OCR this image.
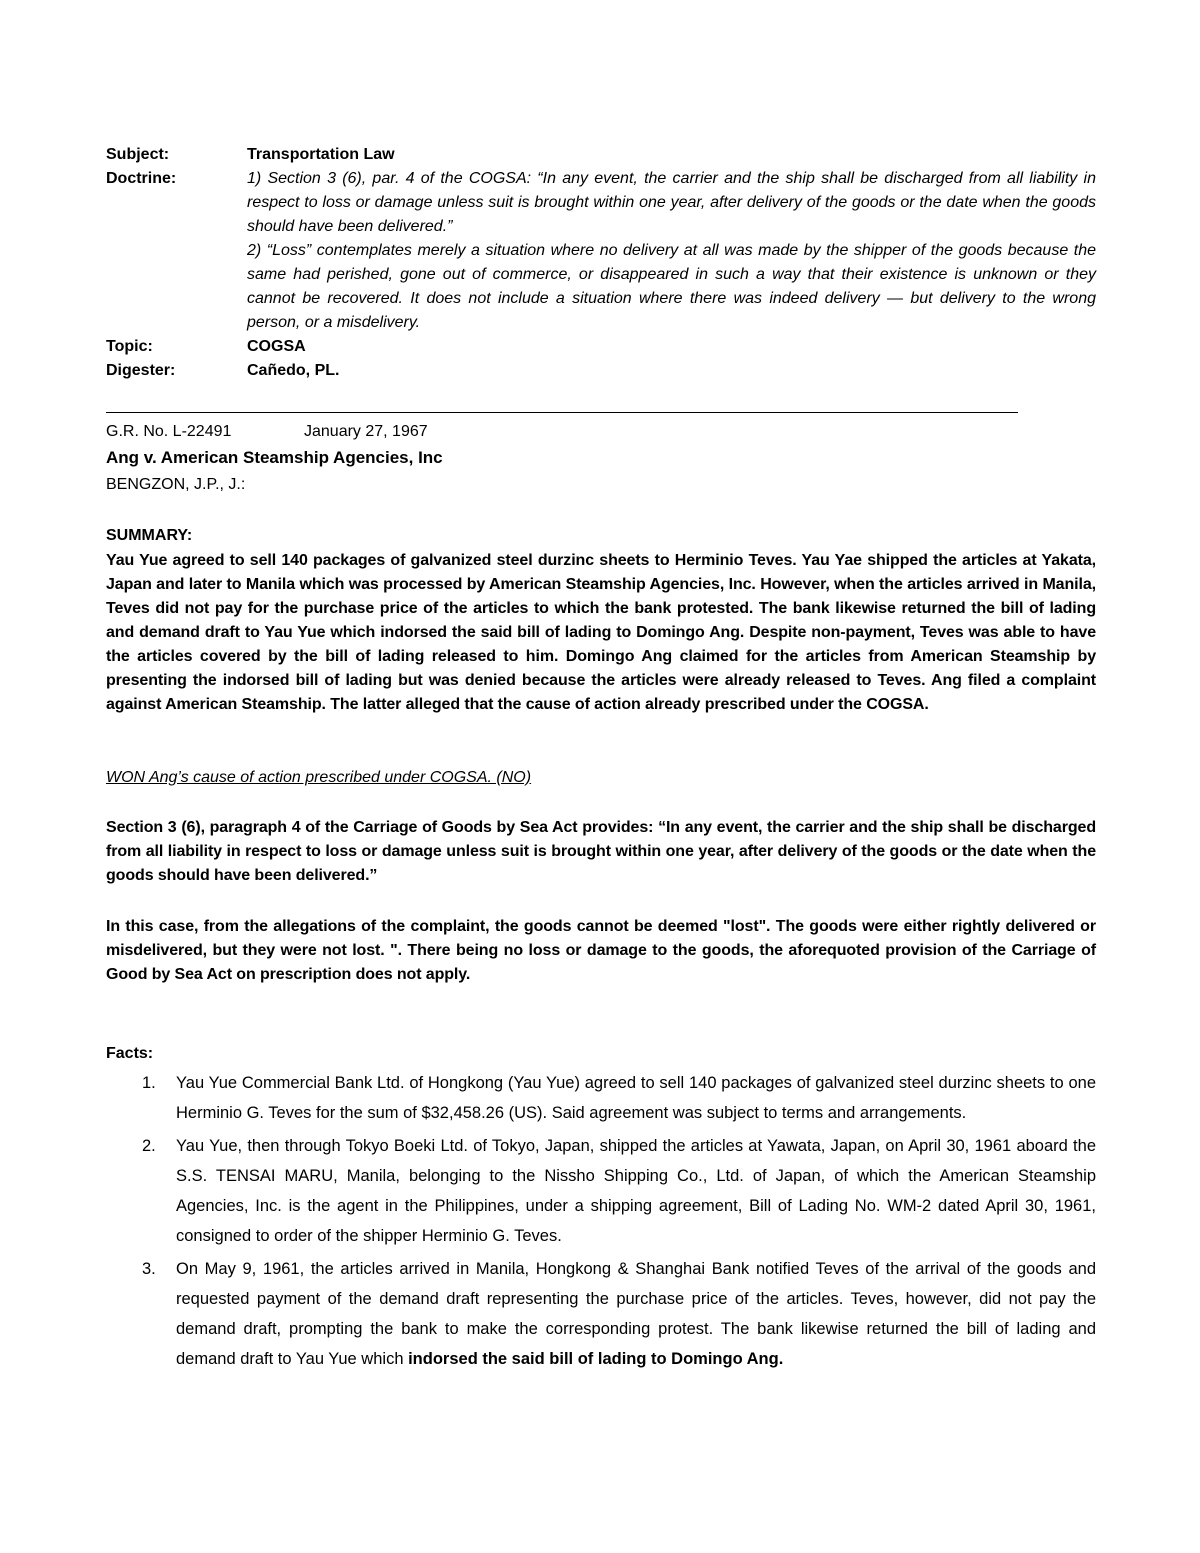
Subject:	Transportation Law
Doctrine:	1) Section 3 (6), par. 4 of the COGSA: “In any event, the carrier and the ship shall be discharged from all liability in respect to loss or damage unless suit is brought within one year, after delivery of the goods or the date when the goods should have been delivered.”
2) “Loss” contemplates merely a situation where no delivery at all was made by the shipper of the goods because the same had perished, gone out of commerce, or disappeared in such a way that their existence is unknown or they cannot be recovered. It does not include a situation where there was indeed delivery — but delivery to the wrong person, or a misdelivery.
Topic:	COGSA
Digester:	Cañedo, PL.
G.R. No. L-22491	January 27, 1967
Ang v. American Steamship Agencies, Inc
BENGZON, J.P., J.:
SUMMARY:
Yau Yue agreed to sell 140 packages of galvanized steel durzinc sheets to Herminio Teves. Yau Yae shipped the articles at Yakata, Japan and later to Manila which was processed by American Steamship Agencies, Inc. However, when the articles arrived in Manila, Teves did not pay for the purchase price of the articles to which the bank protested. The bank likewise returned the bill of lading and demand draft to Yau Yue which indorsed the said bill of lading to Domingo Ang. Despite non-payment, Teves was able to have the articles covered by the bill of lading released to him. Domingo Ang claimed for the articles from American Steamship by presenting the indorsed bill of lading but was denied because the articles were already released to Teves. Ang filed a complaint against American Steamship. The latter alleged that the cause of action already prescribed under the COGSA.
WON Ang’s cause of action prescribed under COGSA. (NO)
Section 3 (6), paragraph 4 of the Carriage of Goods by Sea Act provides: “In any event, the carrier and the ship shall be discharged from all liability in respect to loss or damage unless suit is brought within one year, after delivery of the goods or the date when the goods should have been delivered.”
In this case, from the allegations of the complaint, the goods cannot be deemed "lost". The goods were either rightly delivered or misdelivered, but they were not lost. ". There being no loss or damage to the goods, the aforequoted provision of the Carriage of Good by Sea Act on prescription does not apply.
Facts:
1. Yau Yue Commercial Bank Ltd. of Hongkong (Yau Yue) agreed to sell 140 packages of galvanized steel durzinc sheets to one Herminio G. Teves for the sum of $32,458.26 (US). Said agreement was subject to terms and arrangements.
2. Yau Yue, then through Tokyo Boeki Ltd. of Tokyo, Japan, shipped the articles at Yawata, Japan, on April 30, 1961 aboard the S.S. TENSAI MARU, Manila, belonging to the Nissho Shipping Co., Ltd. of Japan, of which the American Steamship Agencies, Inc. is the agent in the Philippines, under a shipping agreement, Bill of Lading No. WM-2 dated April 30, 1961, consigned to order of the shipper Herminio G. Teves.
3. On May 9, 1961, the articles arrived in Manila, Hongkong & Shanghai Bank notified Teves of the arrival of the goods and requested payment of the demand draft representing the purchase price of the articles. Teves, however, did not pay the demand draft, prompting the bank to make the corresponding protest. The bank likewise returned the bill of lading and demand draft to Yau Yue which indorsed the said bill of lading to Domingo Ang.
